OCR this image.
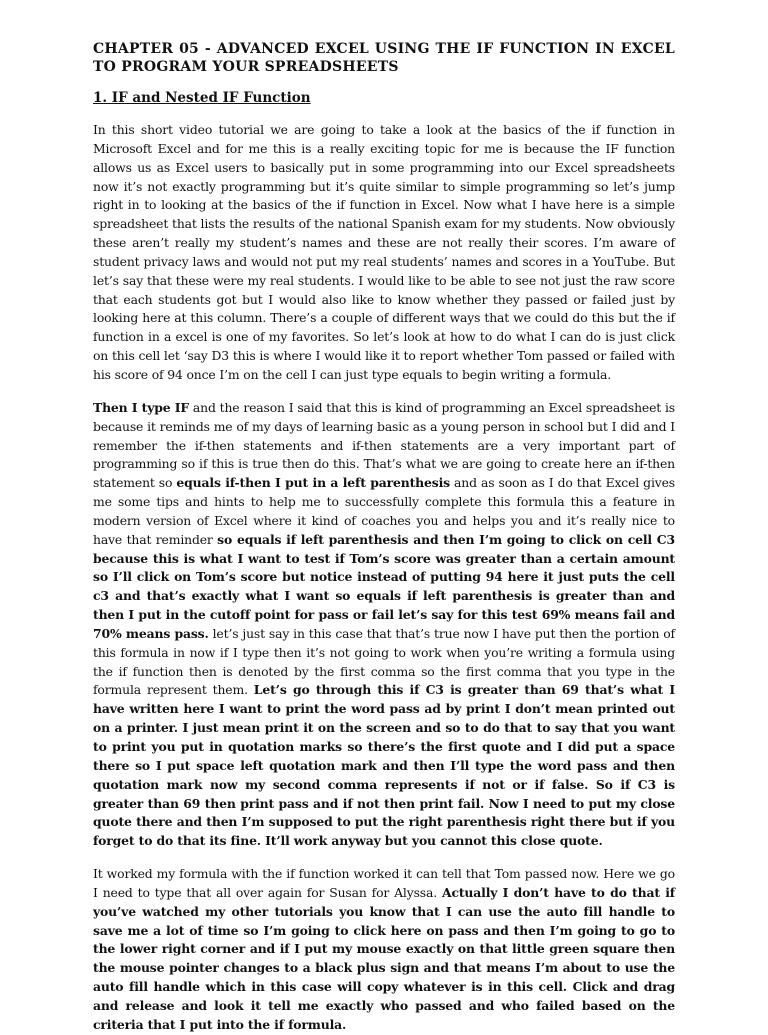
CHAPTER 05 - ADVANCED EXCEL USING THE IF FUNCTION IN EXCEL TO PROGRAM YOUR SPREADSHEETS
1. IF and Nested IF Function

In this short video tutorial we are going to take a look at the basics of the if function in Microsoft Excel and for me this is a really exciting topic for me is because the IF function allows us as Excel users to basically put in some programming into our Excel spreadsheets now it’s not exactly programming but it’s quite similar to simple programming so let’s jump right in to looking at the basics of the if function in Excel. Now what I have here is a simple spreadsheet that lists the results of the national Spanish exam for my students. Now obviously these aren’t really my student’s names and these are not really their scores. I’m aware of student privacy laws and would not put my real students’ names and scores in a YouTube. But let’s say that these were my real students. I would like to be able to see not just the raw score that each students got but I would also like to know whether they passed or failed just by looking here at this column. There’s a couple of different ways that we could do this but the if function in a excel is one of my favorites. So let’s look at how to do what I can do is just click on this cell let ‘say D3 this is where I would like it to report whether Tom passed or failed with his score of 94 once I’m on the cell I can just type equals to begin writing a formula.

Then I type IF and the reason I said that this is kind of programming an Excel spreadsheet is because it reminds me of my days of learning basic as a young person in school but I did and I remember the if-then statements and if-then statements are a very important part of programming so if this is true then do this. That’s what we are going to create here an if-then statement so equals if-then I put in a left parenthesis and as soon as I do that Excel gives me some tips and hints to help me to successfully complete this formula this a feature in modern version of Excel where it kind of coaches you and helps you and it’s really nice to have that reminder so equals if left parenthesis and then I’m going to click on cell C3 because this is what I want to test if Tom’s score was greater than a certain amount so I’ll click on Tom’s score but notice instead of putting 94 here it just puts the cell c3 and that’s exactly what I want so equals if left parenthesis is greater than and then I put in the cutoff point for pass or fail let’s say for this test 69% means fail and 70% means pass. let’s just say in this case that that’s true now I have put then the portion of this formula in now if I type then it’s not going to work when you’re writing a formula using the if function then is denoted by the first comma so the first comma that you type in the formula represent them. Let’s go through this if C3 is greater than 69 that’s what I have written here I want to print the word pass ad by print I don’t mean printed out on a printer. I just mean print it on the screen and so to do that to say that you want to print you put in quotation marks so there’s the first quote and I did put a space there so I put space left quotation mark and then I’ll type the word pass and then quotation mark now my second comma represents if not or if false. So if C3 is greater than 69 then print pass and if not then print fail. Now I need to put my close quote there and then I’m supposed to put the right parenthesis right there but if you forget to do that its fine. It’ll work anyway but you cannot this close quote.

It worked my formula with the if function worked it can tell that Tom passed now. Here we go I need to type that all over again for Susan for Alyssa. Actually I don’t have to do that if you’ve watched my other tutorials you know that I can use the auto fill handle to save me a lot of time so I’m going to click here on pass and then I’m going to go to the lower right corner and if I put my mouse exactly on that little green square then the mouse pointer changes to a black plus sign and that means I’m about to use the auto fill handle which in this case will copy whatever is in this cell. Click and drag and release and look it tell me exactly who passed and who failed based on the criteria that I put into the if formula.
